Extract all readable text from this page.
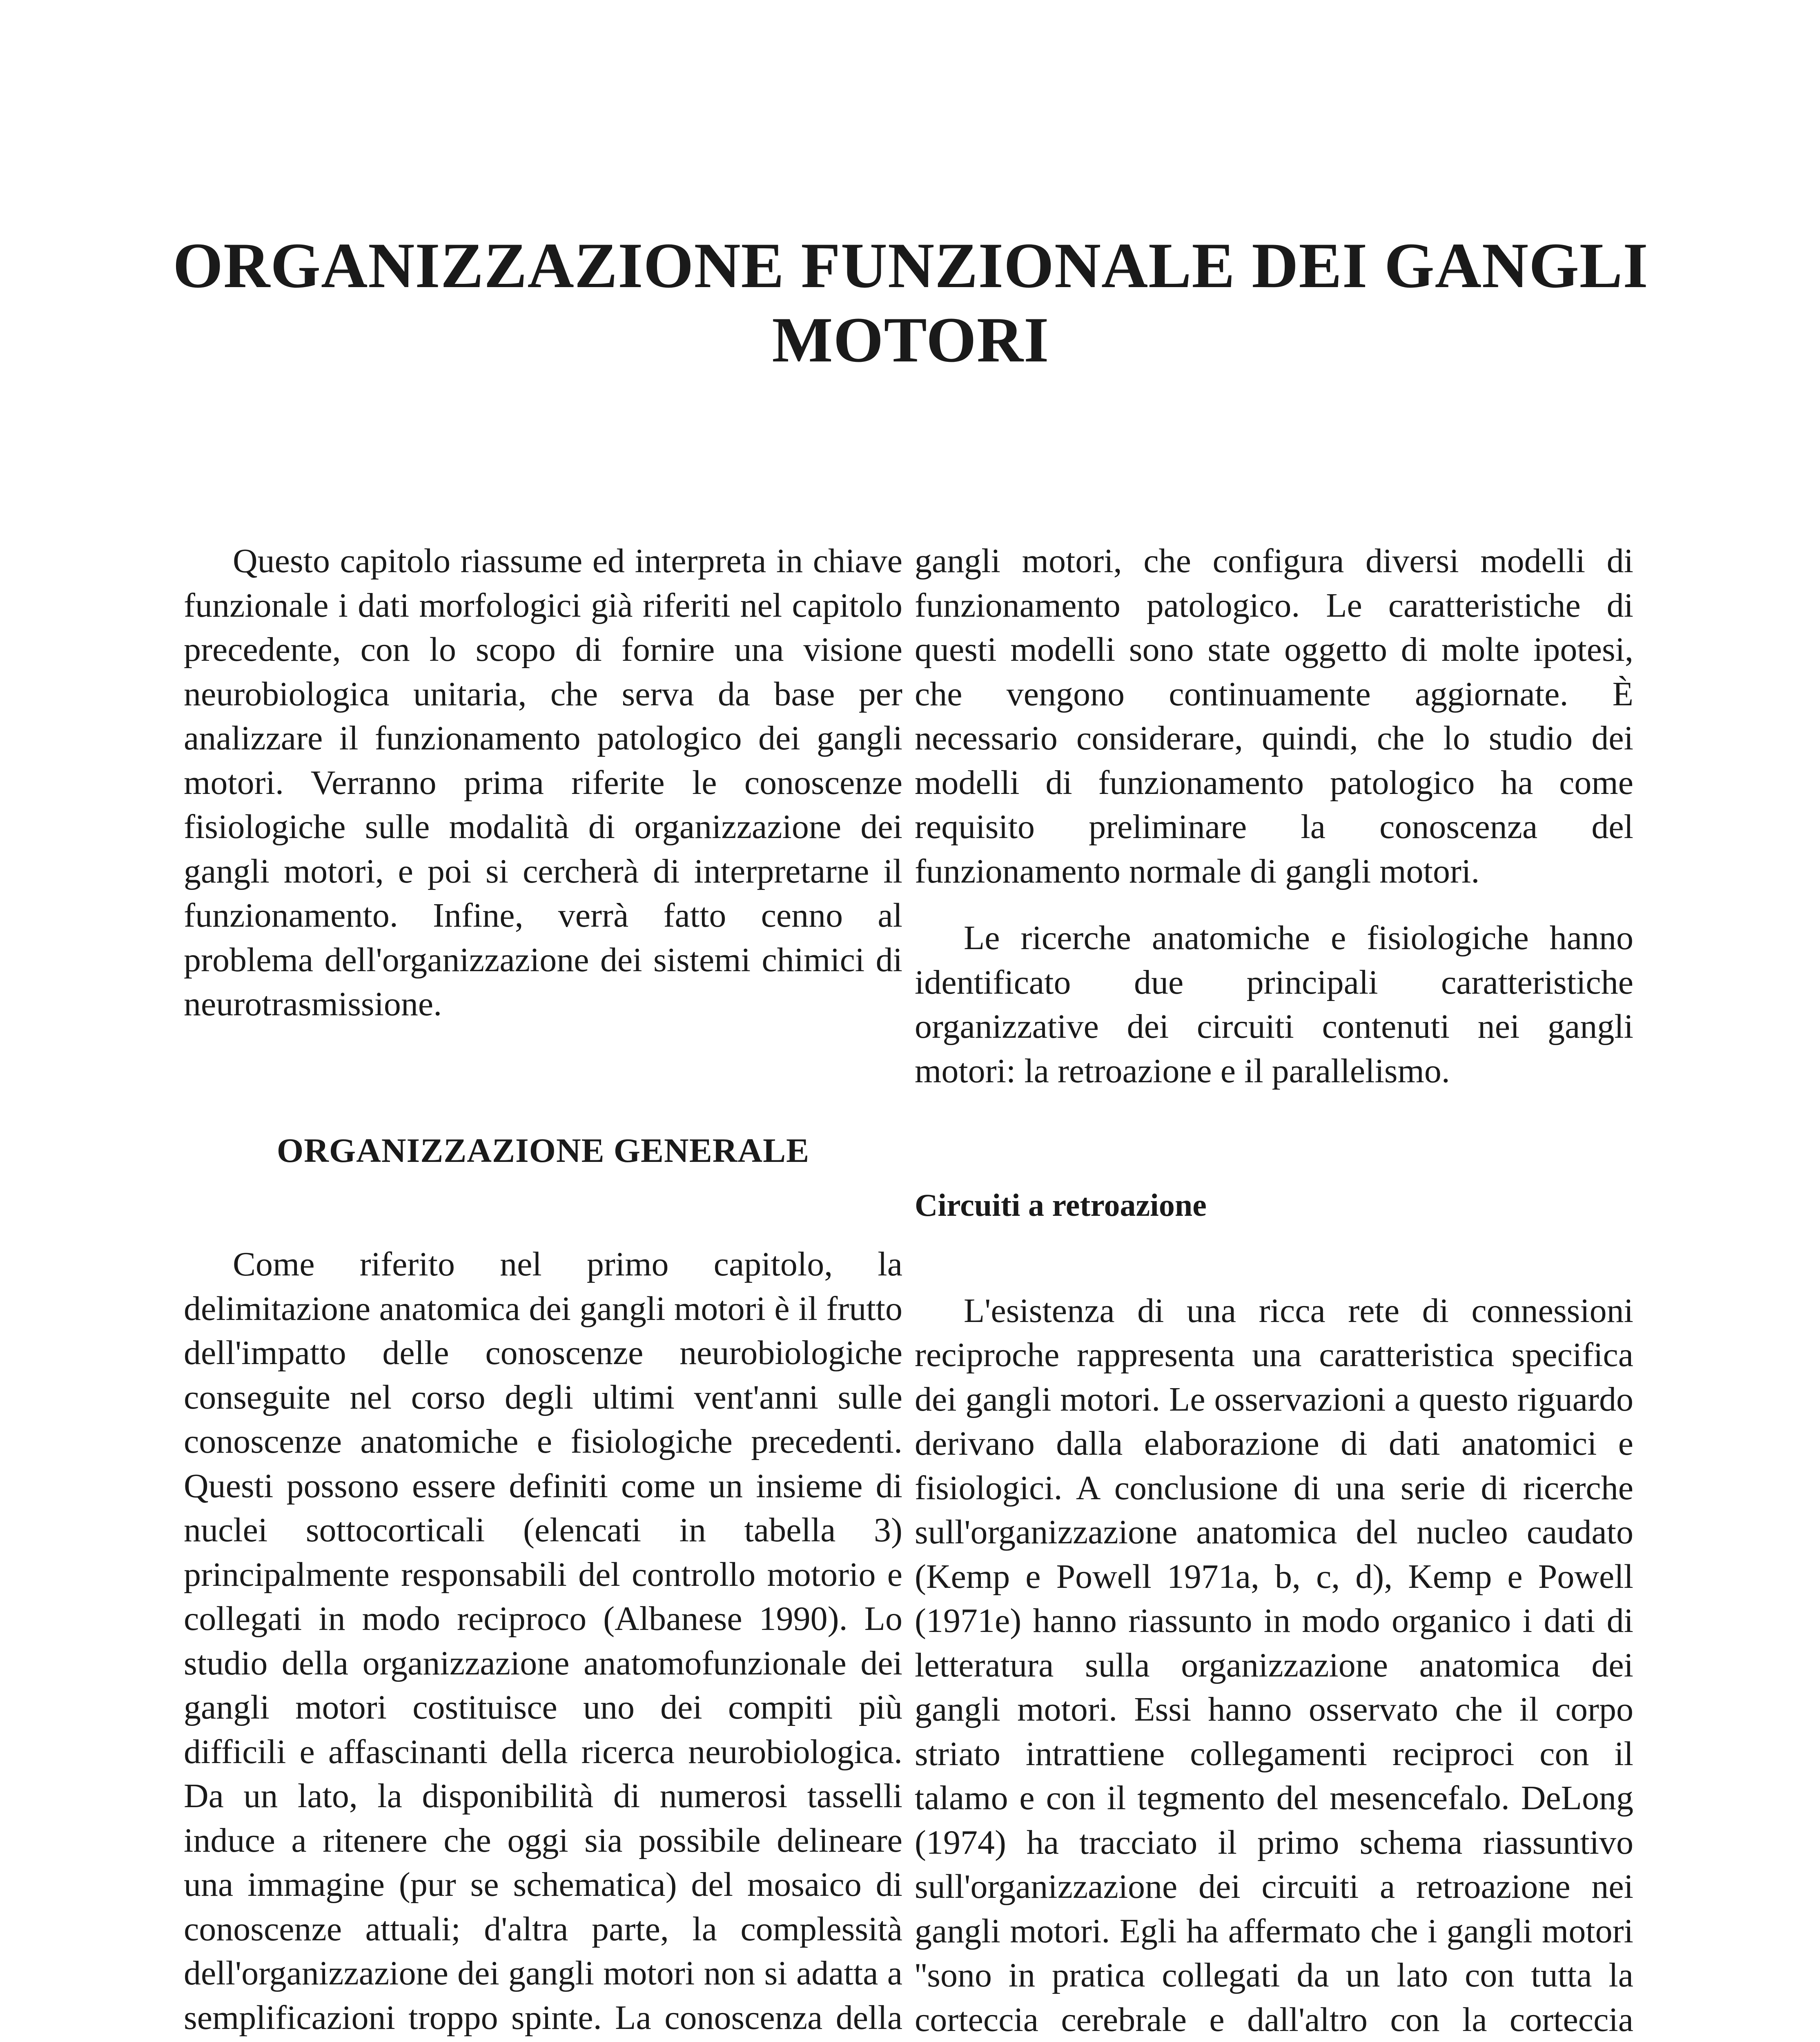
ORGANIZZAZIONE FUNZIONALE DEI GANGLI MOTORI

Questo capitolo riassume ed interpreta in chiave funzionale i dati morfologici già riferiti nel capitolo precedente, con lo scopo di fornire una visione neurobiologica unitaria, che serva da base per analizzare il funzionamento patologico dei gangli motori. Verranno prima riferite le conoscenze fisiologiche sulle modalità di organizzazione dei gangli motori, e poi si cercherà di interpretarne il funzionamento. Infine, verrà fatto cenno al problema dell'organizzazione dei sistemi chimici di neurotrasmissione.

ORGANIZZAZIONE GENERALE

Come riferito nel primo capitolo, la delimitazione anatomica dei gangli motori è il frutto dell'impatto delle conoscenze neurobiologiche conseguite nel corso degli ultimi vent'anni sulle conoscenze anatomiche e fisiologiche precedenti. Questi possono essere definiti come un insieme di nuclei sottocorticali (elencati in tabella 3) principalmente responsabili del controllo motorio e collegati in modo reciproco (Albanese 1990). Lo studio della organizzazione anatomofunzionale dei gangli motori costituisce uno dei compiti più difficili e affascinanti della ricerca neurobiologica. Da un lato, la disponibilità di numerosi tasselli induce a ritenere che oggi sia possibile delineare una immagine (pur se schematica) del mosaico di conoscenze attuali; d'altra parte, la complessità dell'organizzazione dei gangli motori non si adatta a semplificazioni troppo spinte. La conoscenza della

gangli motori, che configura diversi modelli di funzionamento patologico. Le caratteristiche di questi modelli sono state oggetto di molte ipotesi, che vengono continuamente aggiornate. È necessario considerare, quindi, che lo studio dei modelli di funzionamento patologico ha come requisito preliminare la conoscenza del funzionamento normale di gangli motori.

Le ricerche anatomiche e fisiologiche hanno identificato due principali caratteristiche organizzative dei circuiti contenuti nei gangli motori: la retroazione e il parallelismo.

Circuiti a retroazione

L'esistenza di una ricca rete di connessioni reciproche rappresenta una caratteristica specifica dei gangli motori. Le osservazioni a questo riguardo derivano dalla elaborazione di dati anatomici e fisiologici. A conclusione di una serie di ricerche sull'organizzazione anatomica del nucleo caudato (Kemp e Powell 1971a, b, c, d), Kemp e Powell (1971e) hanno riassunto in modo organico i dati di letteratura sulla organizzazione anatomica dei gangli motori. Essi hanno osservato che il corpo striato intrattiene collegamenti reciproci con il talamo e con il tegmento del mesencefalo. DeLong (1974) ha tracciato il primo schema riassuntivo sull'organizzazione dei circuiti a retroazione nei gangli motori. Egli ha affermato che i gangli motori ''sono in pratica collegati da un lato con tutta la corteccia cerebrale e dall'altro con la corteccia
